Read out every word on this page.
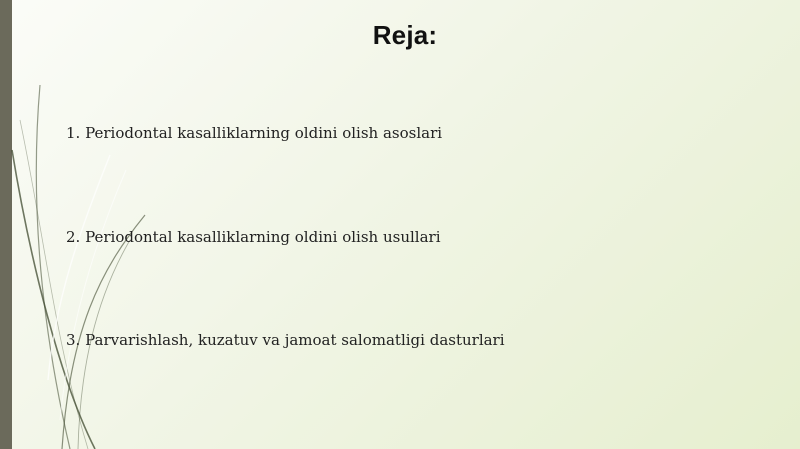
Reja:
1. Periodontal kasalliklarning oldini olish asoslari
2. Periodontal kasalliklarning oldini olish usullari
3. Parvarishlash, kuzatuv va jamoat salomatligi dasturlari
